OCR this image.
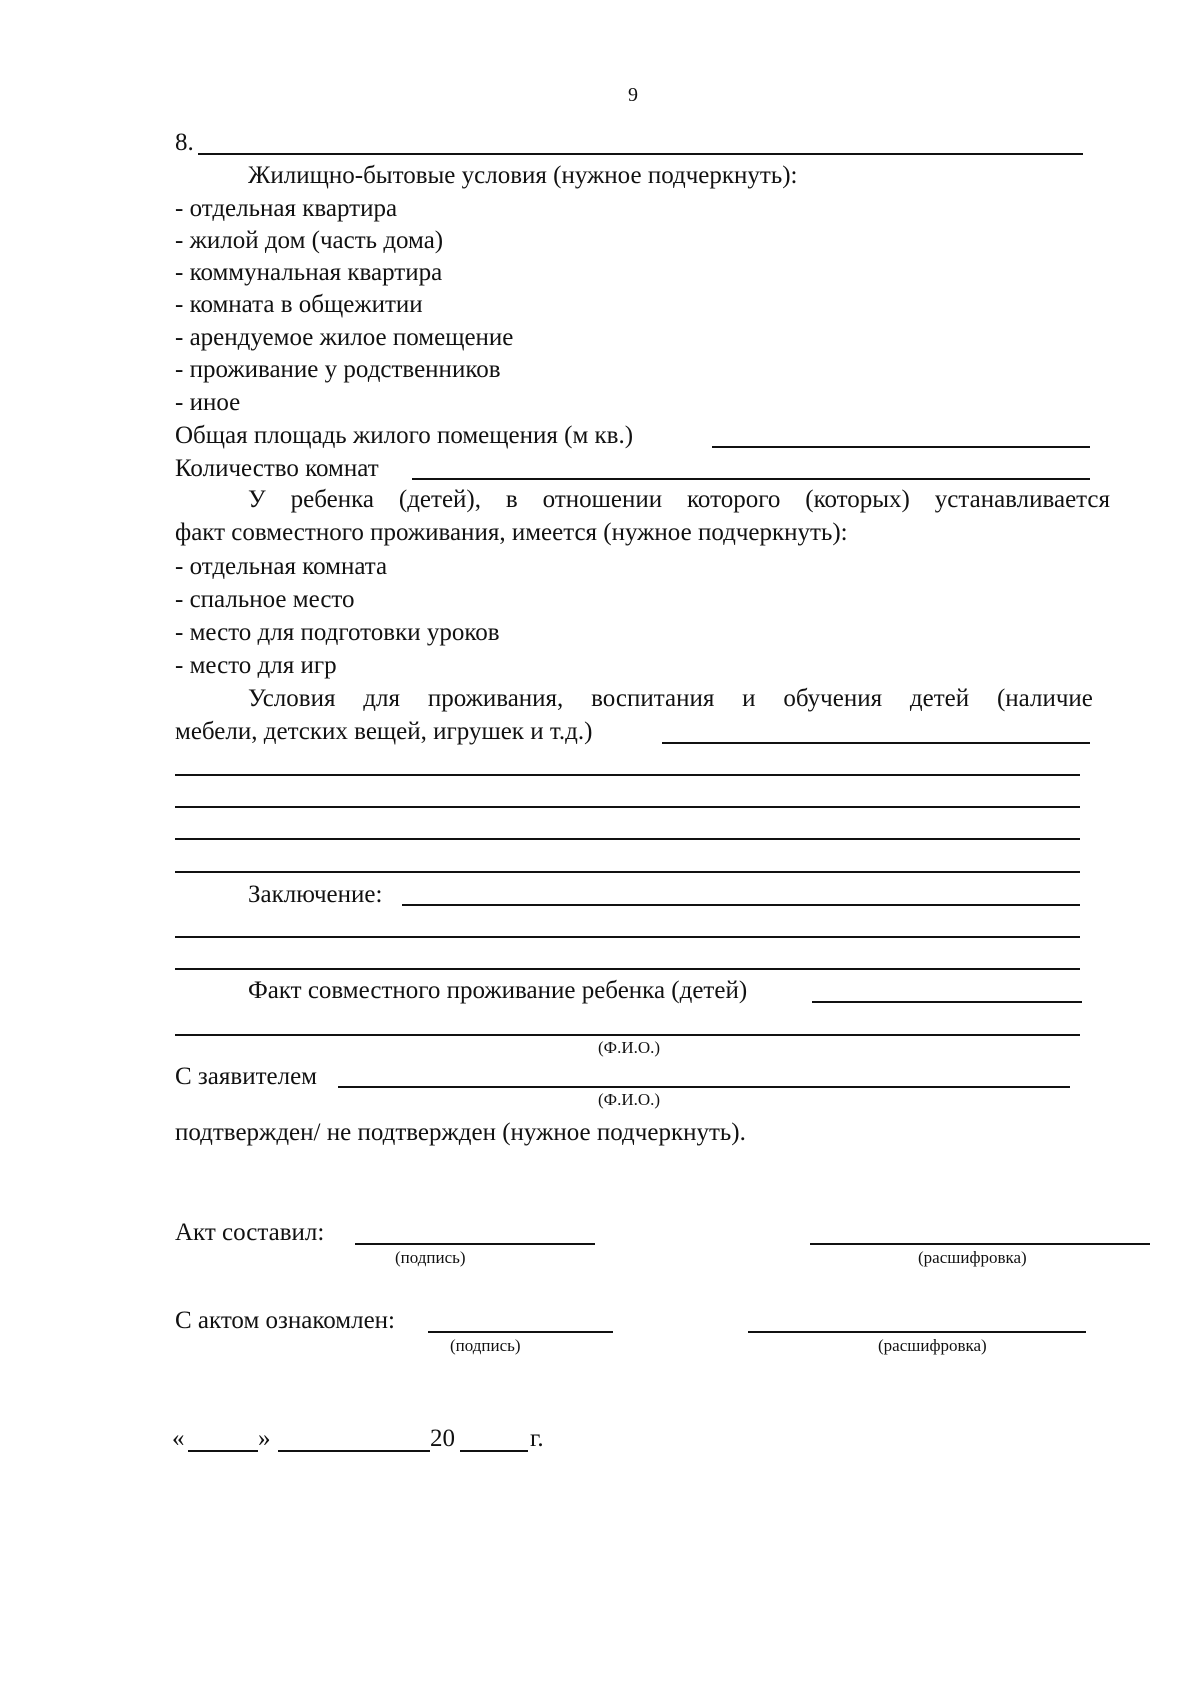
9
8.
Жилищно-бытовые условия (нужное подчеркнуть):
- отдельная квартира
- жилой дом (часть дома)
- коммунальная квартира
- комната в общежитии
- арендуемое жилое помещение
- проживание у родственников
- иное
Общая площадь жилого помещения (м кв.)
Количество комнат
У ребенка (детей), в отношении которого (которых) устанавливается
факт совместного проживания, имеется (нужное подчеркнуть):
- отдельная комната
- спальное место
- место для подготовки уроков
- место для игр
Условия для проживания, воспитания и обучения детей (наличие
мебели, детских вещей, игрушек и т.д.)
Заключение:
Факт совместного проживание ребенка (детей)
(Ф.И.О.)
С заявителем
(Ф.И.О.)
подтвержден/ не подтвержден (нужное подчеркнуть).
Акт составил:
(подпись)	(расшифровка)
С актом ознакомлен:
(подпись)	(расшифровка)
«	»	20	г.
